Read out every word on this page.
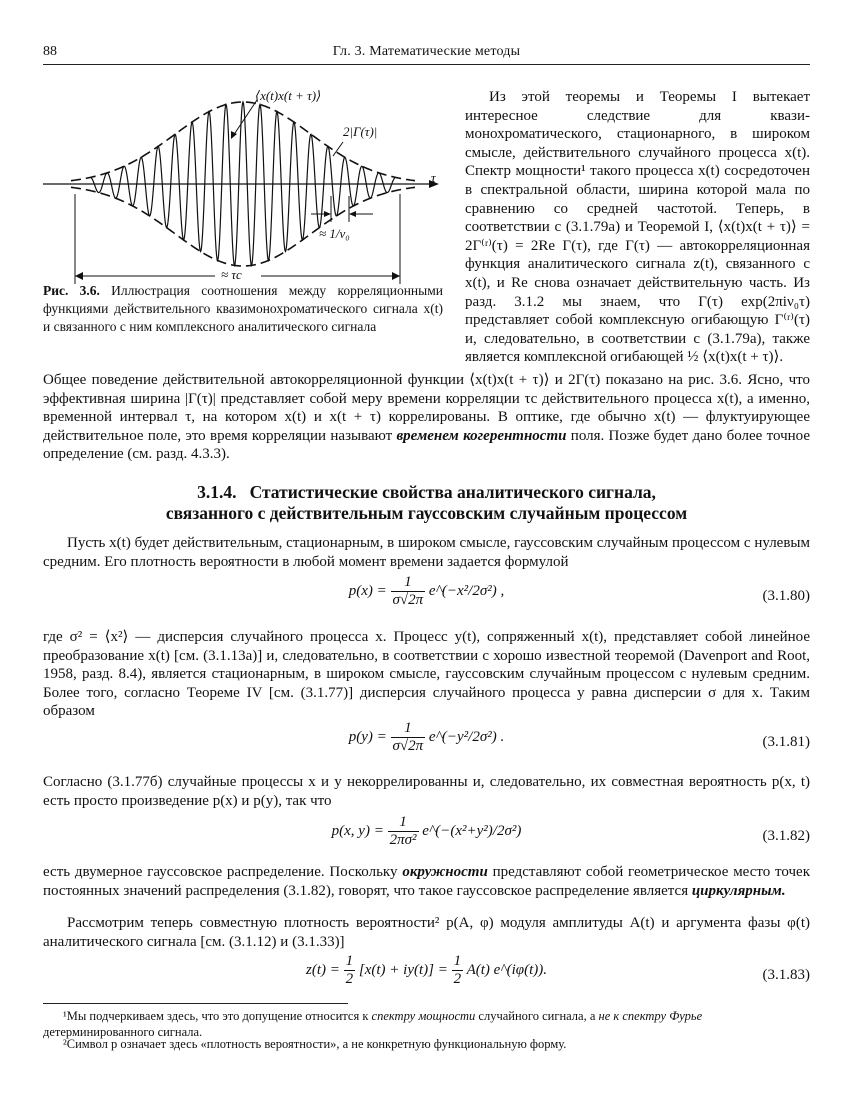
88	Гл. 3. Математические методы
⟨x(t)x(t + τ)⟩
2|Γ(τ)|
τ
≈ 1/ν₀
≈ τc
Рис. 3.6. Иллюстрация соотношения между корреляционными функциями действительного квазимонохроматического сигнала x(t) и связанного с ним комплексного аналитического сигнала
Из этой теоремы и Теоремы I вытекает интересное следствие для квази-монохроматического, стационарного, в широком смысле, действительного случайного процесса x(t). Спектр мощности¹ такого процесса x(t) сосредоточен в спектральной области, ширина которой мала по сравнению со средней частотой. Теперь, в соответствии с (3.1.79а) и Теоремой I, ⟨x(t)x(t + τ)⟩ = 2Γ⁽ʳ⁾(τ) = 2Re Γ(τ), где Γ(τ) — автокорреляционная функция аналитического сигнала z(t), связанного с x(t), и Re снова означает действительную часть. Из разд. 3.1.2 мы знаем, что Γ(τ) exp(2πiν₀τ) представляет собой комплексную огибающую Γ⁽ʳ⁾(τ) и, следовательно, в соответствии с (3.1.79а), также является комплексной огибающей ½ ⟨x(t)x(t + τ)⟩.
Общее поведение действительной автокорреляционной функции ⟨x(t)x(t + τ)⟩ и 2Γ(τ) показано на рис. 3.6. Ясно, что эффективная ширина |Γ(τ)| представляет собой меру времени корреляции τc действительного процесса x(t), а именно, временной интервал τ, на котором x(t) и x(t + τ) коррелированы. В оптике, где обычно x(t) — флуктуирующее действительное поле, это время корреляции называют временем когерентности поля. Позже будет дано более точное определение (см. разд. 4.3.3).
3.1.4. Статистические свойства аналитического сигнала,
связанного с действительным гауссовским случайным процессом
Пусть x(t) будет действительным, стационарным, в широком смысле, гауссовским случайным процессом с нулевым средним. Его плотность вероятности в любой момент времени задается формулой
$p(x) = \frac{1}{\sigma√2\pi}$ e^(−x²/2σ²) ,	(3.1.80)
где σ² = ⟨x²⟩ — дисперсия случайного процесса x. Процесс y(t), сопряженный x(t), представляет собой линейное преобразование x(t) [см. (3.1.13а)] и, следовательно, в соответствии с хорошо известной теоремой (Davenport and Root, 1958, разд. 8.4), является стационарным, в широком смысле, гауссовским случайным процессом с нулевым средним. Более того, согласно Теореме IV [см. (3.1.77)] дисперсия случайного процесса y равна дисперсии σ для x. Таким образом
$p(y) = \frac{1}{\sigma√2\pi}$ e^(−y²/2σ²) .	(3.1.81)
Согласно (3.1.77б) случайные процессы x и y некоррелированны и, следовательно, их совместная вероятность p(x, t) есть просто произведение p(x) и p(y), так что
p(x, $y) = \frac{1}{\text{2πσ²}}$ e^(−(x²+y²)/2σ²)	(3.1.82)
есть двумерное гауссовское распределение. Поскольку окружности представляют собой геометрическое место точек постоянных значений распределения (3.1.82), говорят, что такое гауссовское распределение является циркулярным.
Рассмотрим теперь совместную плотность вероятности² p(A, φ) модуля амплитуды A(t) и аргумента фазы φ(t) аналитического сигнала [см. (3.1.12) и (3.1.33)]
$z(t) = \frac{1}{2} [x(t) + iy(t)] = \frac{1}{2} A(t)$ e^(iφ(t)).	(3.1.83)
¹Мы подчеркиваем здесь, что это допущение относится к спектру мощности случайного сигнала, а не к спектру Фурье детерминированного сигнала.
²Символ p означает здесь «плотность вероятности», а не конкретную функциональную форму.
